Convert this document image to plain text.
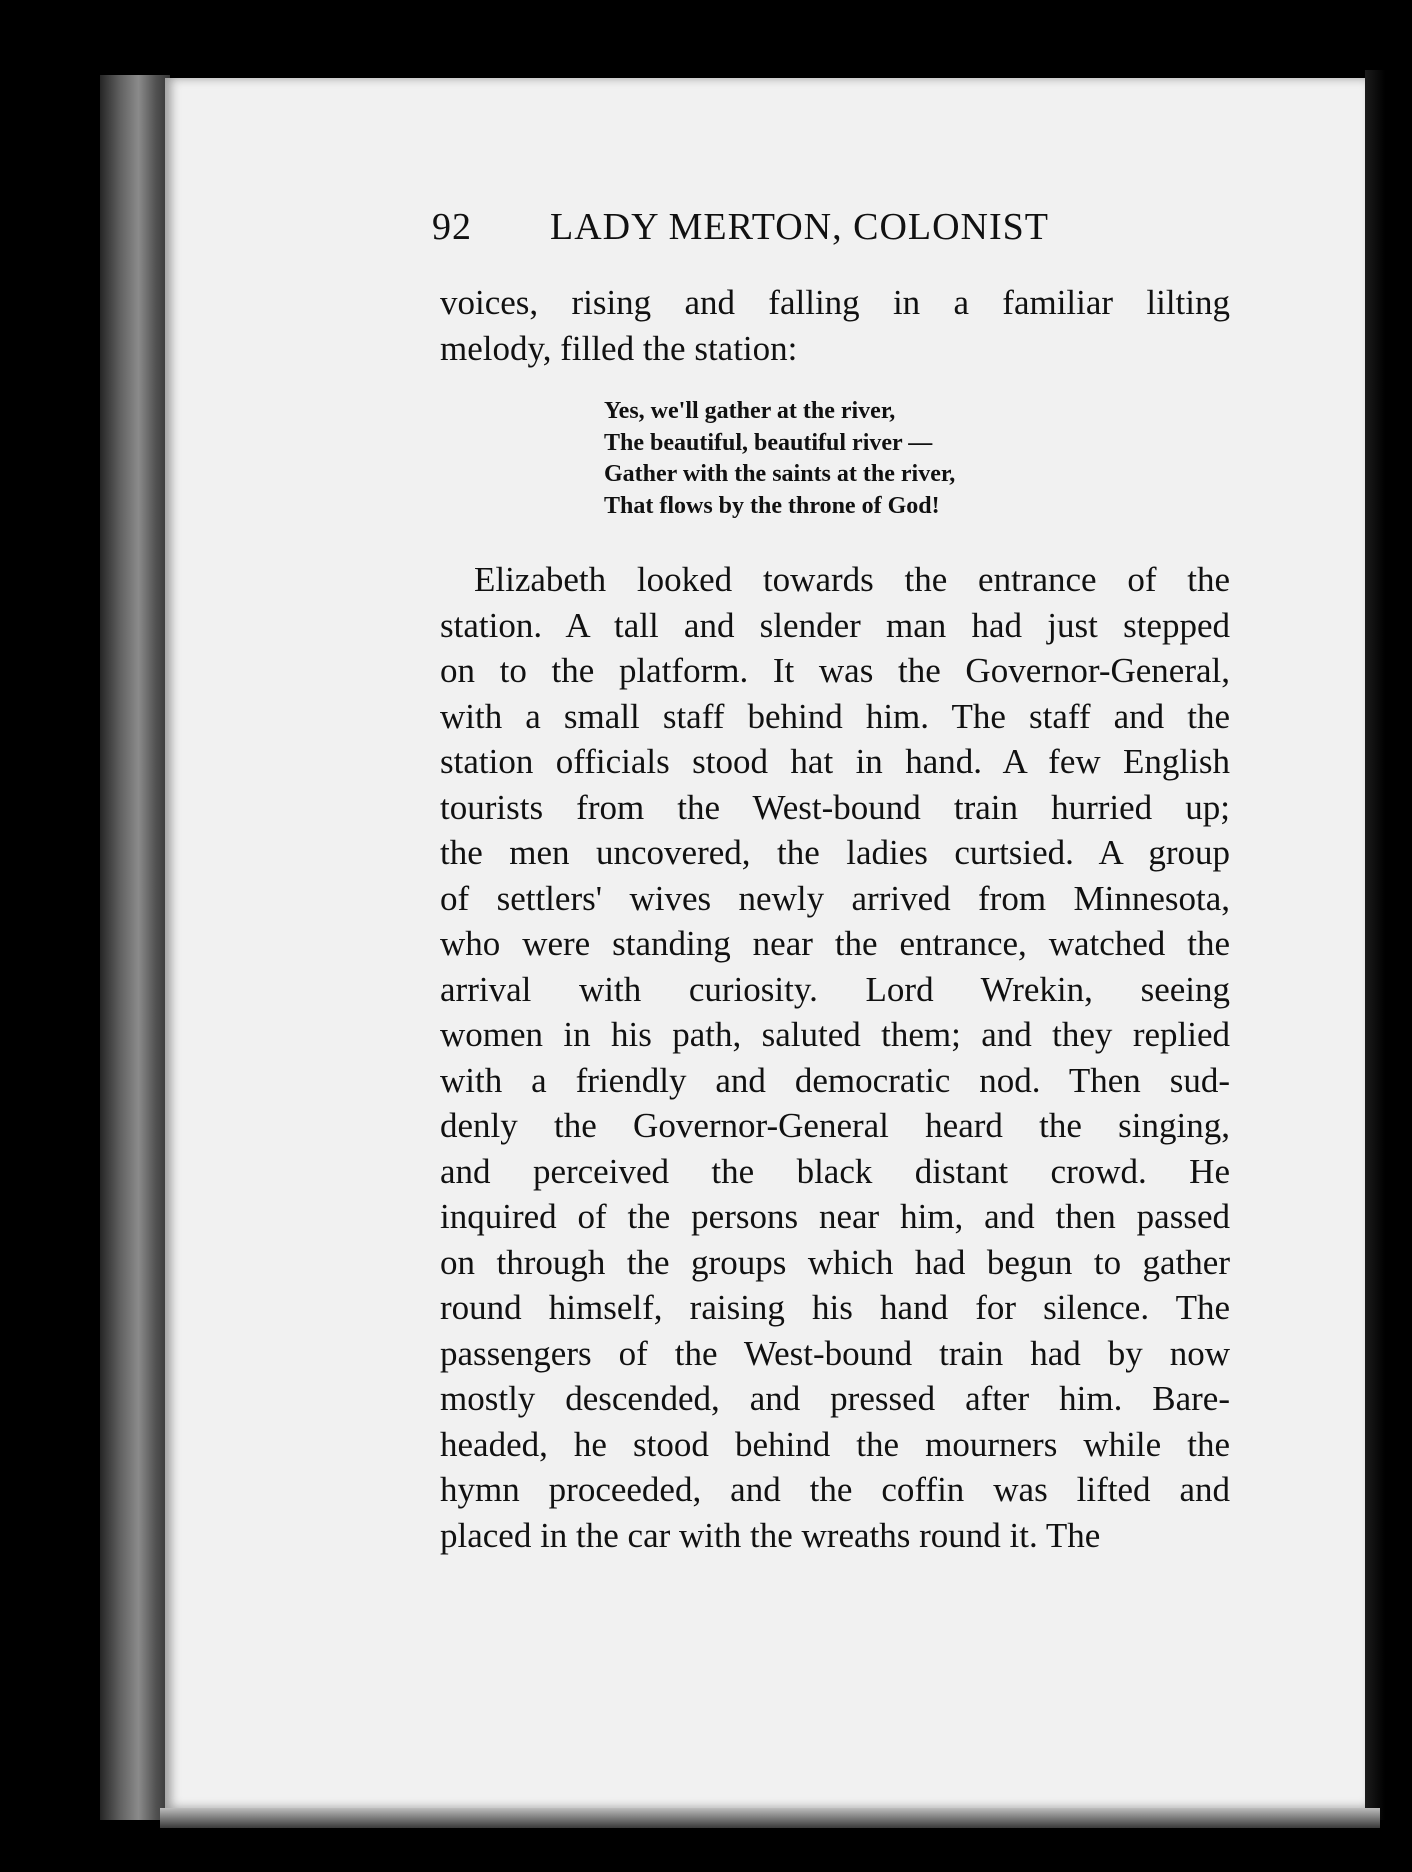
92 LADY MERTON, COLONIST
voices, rising and falling in a familiar lilting
melody, filled the station:
Yes, we'll gather at the river,
The beautiful, beautiful river —
Gather with the saints at the river,
That flows by the throne of God!
Elizabeth looked towards the entrance of the
station. A tall and slender man had just stepped
on to the platform. It was the Governor-General,
with a small staff behind him. The staff and the
station officials stood hat in hand. A few English
tourists from the West-bound train hurried up;
the men uncovered, the ladies curtsied. A group
of settlers' wives newly arrived from Minnesota,
who were standing near the entrance, watched the
arrival with curiosity. Lord Wrekin, seeing
women in his path, saluted them; and they replied
with a friendly and democratic nod. Then sud-
denly the Governor-General heard the singing,
and perceived the black distant crowd. He
inquired of the persons near him, and then passed
on through the groups which had begun to gather
round himself, raising his hand for silence. The
passengers of the West-bound train had by now
mostly descended, and pressed after him. Bare-
headed, he stood behind the mourners while the
hymn proceeded, and the coffin was lifted and
placed in the car with the wreaths round it. The
